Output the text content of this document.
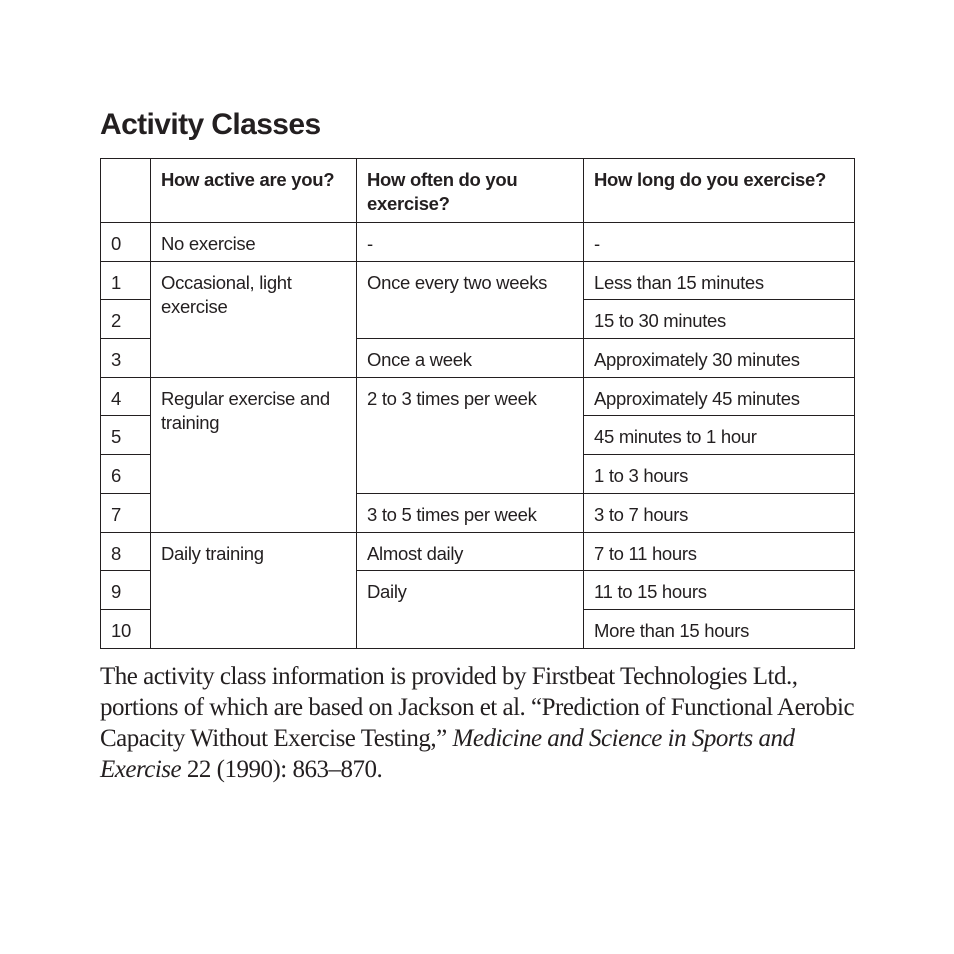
Activity Classes
	How active are you?	How often do you exercise?	How long do you exercise?
0	No exercise	-	-
1	Occasional, light exercise	Once every two weeks	Less than 15 minutes
2			15 to 30 minutes
3		Once a week	Approximately 30 minutes
4	Regular exercise and training	2 to 3 times per week	Approximately 45 minutes
5			45 minutes to 1 hour
6			1 to 3 hours
7		3 to 5 times per week	3 to 7 hours
8	Daily training	Almost daily	7 to 11 hours
9		Daily	11 to 15 hours
10			More than 15 hours

The activity class information is provided by Firstbeat Technologies Ltd., portions of which are based on Jackson et al. “Prediction of Functional Aerobic Capacity Without Exercise Testing,” Medicine and Science in Sports and Exercise 22 (1990): 863–870.
